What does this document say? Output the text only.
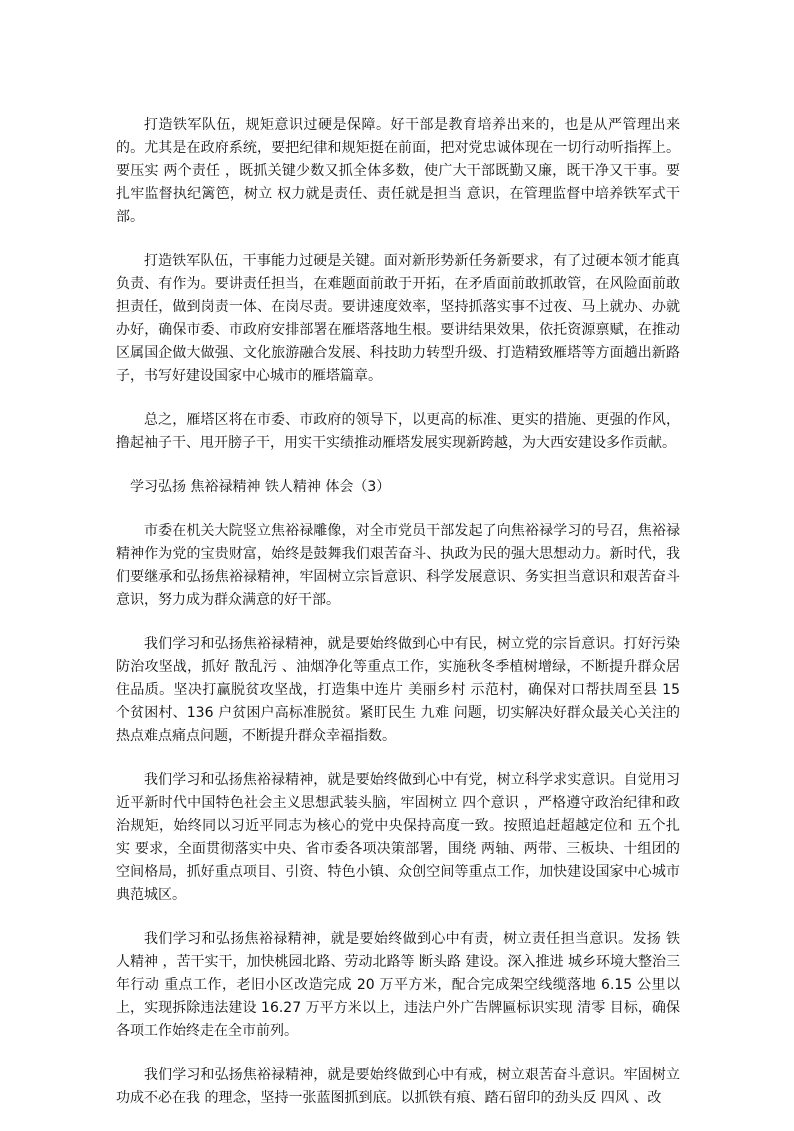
打造铁军队伍，规矩意识过硬是保障。好干部是教育培养出来的，也是从严管理出来的。尤其是在政府系统，要把纪律和规矩挺在前面，把对党忠诚体现在一切行动听指挥上。要压实 两个责任 ，既抓关键少数又抓全体多数，使广大干部既勤又廉，既干净又干事。要扎牢监督执纪篱笆，树立 权力就是责任、责任就是担当 意识，在管理监督中培养铁军式干部。

打造铁军队伍，干事能力过硬是关键。面对新形势新任务新要求，有了过硬本领才能真负责、有作为。要讲责任担当，在难题面前敢于开拓，在矛盾面前敢抓敢管，在风险面前敢担责任，做到岗责一体、在岗尽责。要讲速度效率，坚持抓落实事不过夜、马上就办、办就办好，确保市委、市政府安排部署在雁塔落地生根。要讲结果效果，依托资源禀赋，在推动区属国企做大做强、文化旅游融合发展、科技助力转型升级、打造精致雁塔等方面趟出新路子，书写好建设国家中心城市的雁塔篇章。

总之，雁塔区将在市委、市政府的领导下，以更高的标准、更实的措施、更强的作风，撸起袖子干、甩开膀子干，用实干实绩推动雁塔发展实现新跨越，为大西安建设多作贡献。

学习弘扬 焦裕禄精神 铁人精神 体会（3）

市委在机关大院竖立焦裕禄雕像，对全市党员干部发起了向焦裕禄学习的号召，焦裕禄精神作为党的宝贵财富，始终是鼓舞我们艰苦奋斗、执政为民的强大思想动力。新时代，我们要继承和弘扬焦裕禄精神，牢固树立宗旨意识、科学发展意识、务实担当意识和艰苦奋斗意识，努力成为群众满意的好干部。

我们学习和弘扬焦裕禄精神，就是要始终做到心中有民，树立党的宗旨意识。打好污染防治攻坚战，抓好 散乱污 、油烟净化等重点工作，实施秋冬季植树增绿，不断提升群众居住品质。坚决打赢脱贫攻坚战，打造集中连片 美丽乡村 示范村，确保对口帮扶周至县 15 个贫困村、136 户贫困户高标准脱贫。紧盯民生 九难 问题，切实解决好群众最关心关注的热点难点痛点问题，不断提升群众幸福指数。

我们学习和弘扬焦裕禄精神，就是要始终做到心中有党，树立科学求实意识。自觉用习近平新时代中国特色社会主义思想武装头脑，牢固树立 四个意识 ，严格遵守政治纪律和政治规矩，始终同以习近平同志为核心的党中央保持高度一致。按照追赶超越定位和 五个扎实 要求，全面贯彻落实中央、省市委各项决策部署，围绕 两轴、两带、三板块、十组团的空间格局，抓好重点项目、引资、特色小镇、众创空间等重点工作，加快建设国家中心城市典范城区。

我们学习和弘扬焦裕禄精神，就是要始终做到心中有责，树立责任担当意识。发扬 铁人精神 ，苦干实干，加快桃园北路、劳动北路等 断头路 建设。深入推进 城乡环境大整治三年行动 重点工作，老旧小区改造完成 20 万平方米，配合完成架空线缆落地 6.15 公里以上，实现拆除违法建设 16.27 万平方米以上，违法户外广告牌匾标识实现 清零 目标，确保各项工作始终走在全市前列。

我们学习和弘扬焦裕禄精神，就是要始终做到心中有戒，树立艰苦奋斗意识。牢固树立功成不必在我 的理念，坚持一张蓝图抓到底。以抓铁有痕、踏石留印的劲头反 四风 、改
